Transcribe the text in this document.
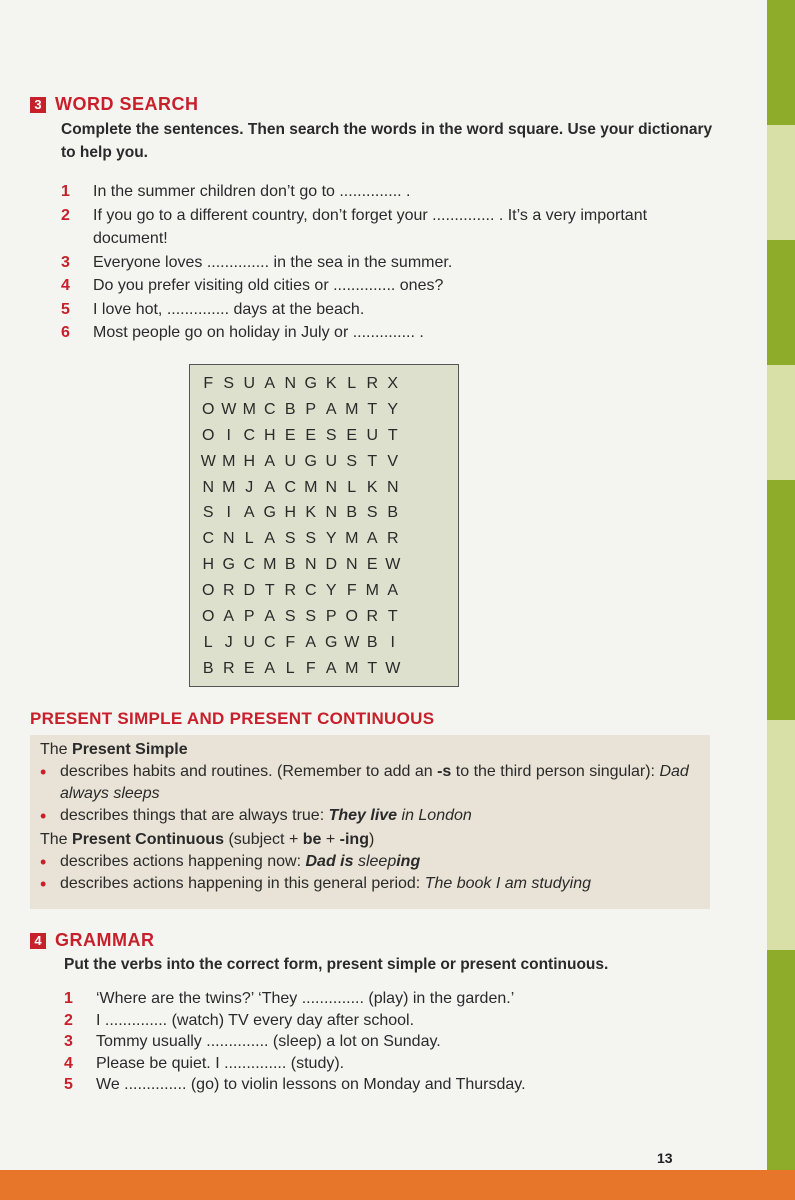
3 WORD SEARCH
Complete the sentences. Then search the words in the word square. Use your dictionary to help you.
1	In the summer children don’t go to .............. .
2	If you go to a different country, don’t forget your .............. . It’s a very important document!
3	Everyone loves .............. in the sea in the summer.
4	Do you prefer visiting old cities or .............. ones?
5	I love hot, .............. days at the beach.
6	Most people go on holiday in July or .............. .
F S U A N G K L R X
O W M C B P A M T Y
O I C H E E S E U T
W M H A U G U S T V
N M J A C M N L K N
S I A G H K N B S B
C N L A S S Y M A R
H G C M B N D N E W
O R D T R C Y F M A
O A P A S S P O R T
L J U C F A G W B I
B R E A L F A M T W
PRESENT SIMPLE AND PRESENT CONTINUOUS

The Present Simple

• describes habits and routines. (Remember to add an -s to the third person singular): Dad always sleeps
• describes things that are always true: They live in London

The Present Continuous (subject + be + -ing)

• describes actions happening now: Dad is sleeping
• describes actions happening in this general period: The book I am studying
4 GRAMMAR
Put the verbs into the correct form, present simple or present continuous.
1	‘Where are the twins?’ ‘They .............. (play) in the garden.’
2	I .............. (watch) TV every day after school.
3	Tommy usually .............. (sleep) a lot on Sunday.
4	Please be quiet. I .............. (study).
5	We .............. (go) to violin lessons on Monday and Thursday.
13
